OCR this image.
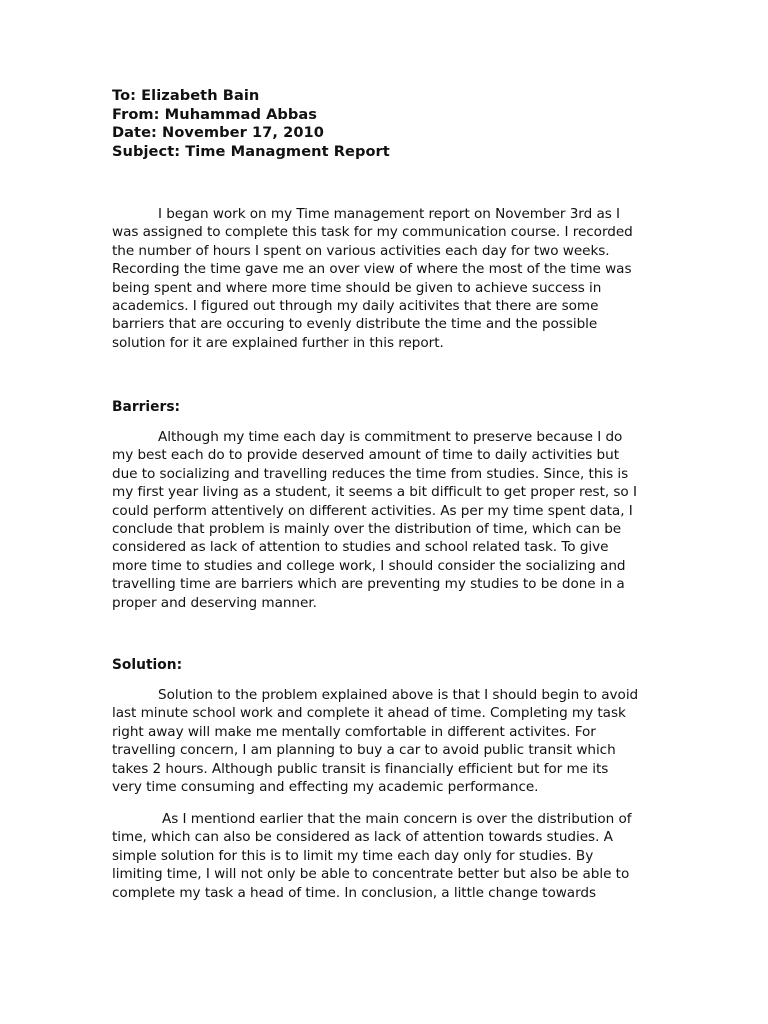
To: Elizabeth Bain
From: Muhammad Abbas
Date: November 17, 2010
Subject: Time Managment Report
I began work on my Time management report on November 3rd as I
was assigned to complete this task for my communication course. I recorded
the number of hours I spent on various activities each day for two weeks.
Recording the time gave me an over view of where the most of the time was
being spent and where more time should be given to achieve success in
academics. I figured out through my daily acitivites that there are some
barriers that are occuring to evenly distribute the time and the possible
solution for it are explained further in this report.
Barriers:
Although my time each day is commitment to preserve because I do
my best each do to provide deserved amount of time to daily activities but
due to socializing and travelling reduces the time from studies. Since, this is
my first year living as a student, it seems a bit difficult to get proper rest, so I
could perform attentively on different activities. As per my time spent data, I
conclude that problem is mainly over the distribution of time, which can be
considered as lack of attention to studies and school related task. To give
more time to studies and college work, I should consider the socializing and
travelling time are barriers which are preventing my studies to be done in a
proper and deserving manner.
Solution:
Solution to the problem explained above is that I should begin to avoid
last minute school work and complete it ahead of time. Completing my task
right away will make me mentally comfortable in different activites. For
travelling concern, I am planning to buy a car to avoid public transit which
takes 2 hours. Although public transit is financially efficient but for me its
very time consuming and effecting my academic performance.
As I mentiond earlier that the main concern is over the distribution of
time, which can also be considered as lack of attention towards studies. A
simple solution for this is to limit my time each day only for studies. By
limiting time, I will not only be able to concentrate better but also be able to
complete my task a head of time. In conclusion, a little change towards
